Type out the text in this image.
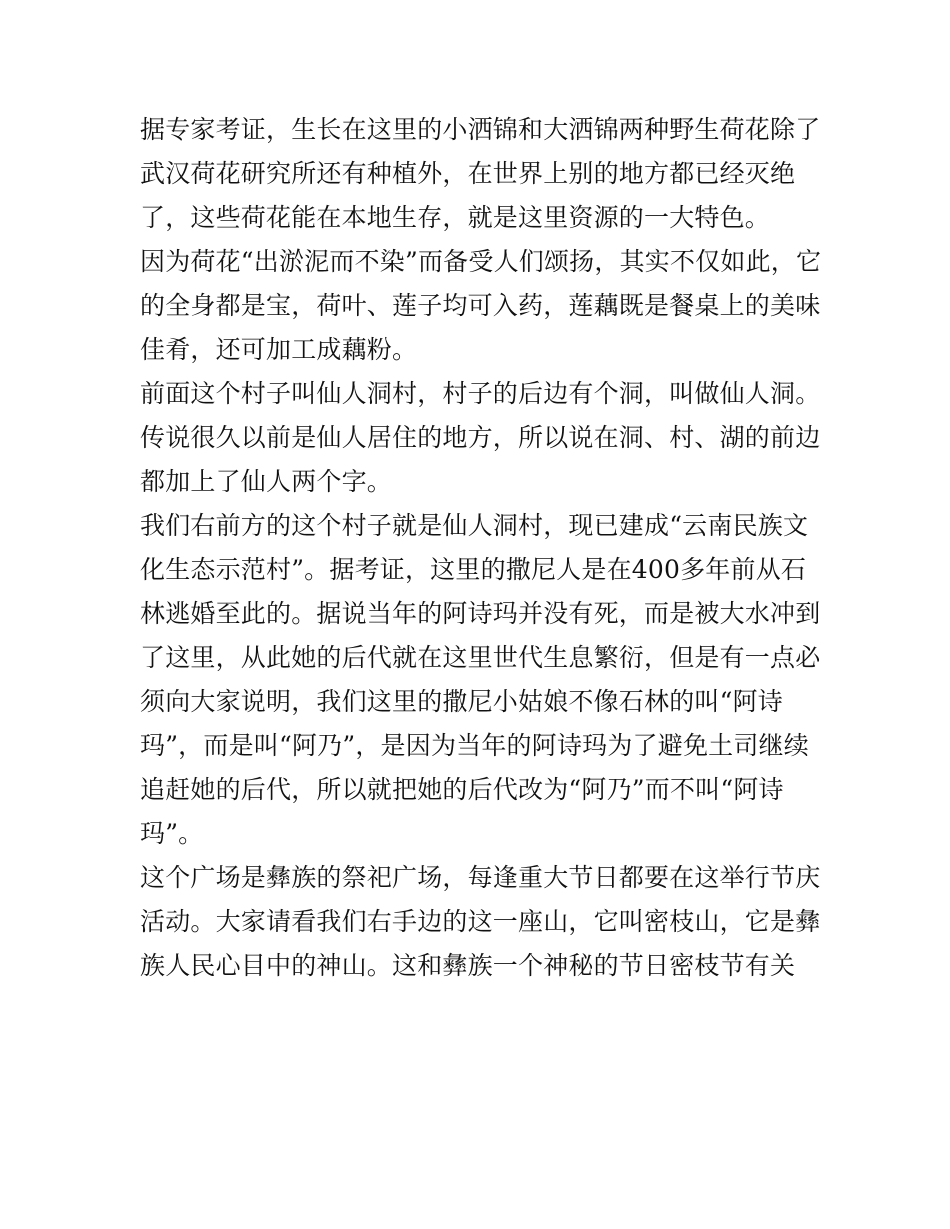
据专家考证，生长在这里的小洒锦和大洒锦两种野生荷花除了
武汉荷花研究所还有种植外，在世界上别的地方都已经灭绝
了，这些荷花能在本地生存，就是这里资源的一大特色。
因为荷花“出淤泥而不染”而备受人们颂扬，其实不仅如此，它
的全身都是宝，荷叶、莲子均可入药，莲藕既是餐桌上的美味
佳肴，还可加工成藕粉。
前面这个村子叫仙人洞村，村子的后边有个洞，叫做仙人洞。
传说很久以前是仙人居住的地方，所以说在洞、村、湖的前边
都加上了仙人两个字。
我们右前方的这个村子就是仙人洞村，现已建成“云南民族文
化生态示范村”。据考证，这里的撒尼人是在400多年前从石
林逃婚至此的。据说当年的阿诗玛并没有死，而是被大水冲到
了这里，从此她的后代就在这里世代生息繁衍，但是有一点必
须向大家说明，我们这里的撒尼小姑娘不像石林的叫“阿诗
玛”，而是叫“阿乃”，是因为当年的阿诗玛为了避免土司继续
追赶她的后代，所以就把她的后代改为“阿乃”而不叫“阿诗
玛”。
这个广场是彝族的祭祀广场，每逢重大节日都要在这举行节庆
活动。大家请看我们右手边的这一座山，它叫密枝山，它是彝
族人民心目中的神山。这和彝族一个神秘的节日密枝节有关
